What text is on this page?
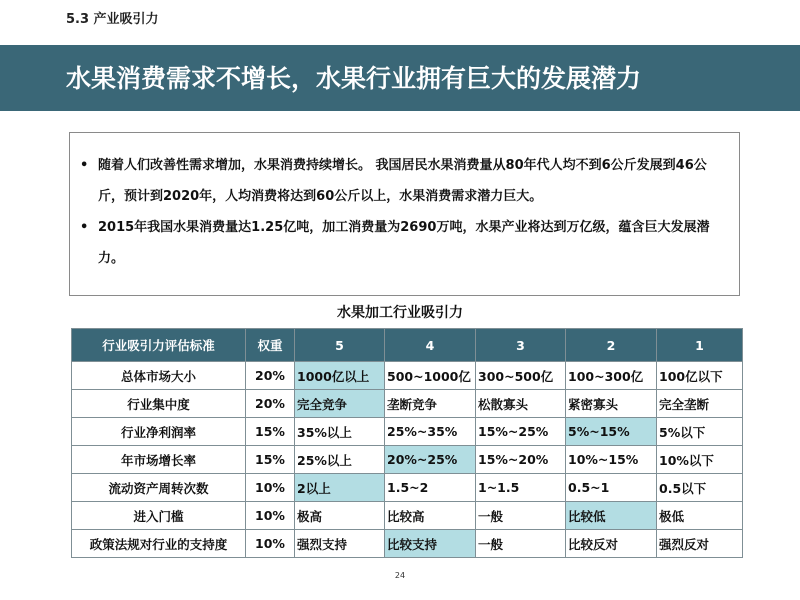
5.3 产业吸引力
水果消费需求不增长，水果行业拥有巨大的发展潜力
• 随着人们改善性需求增加，水果消费持续增长。 我国居民水果消费量从80年代人均不到6公斤发展到46公斤，预计到2020年，人均消费将达到60公斤以上，水果消费需求潜力巨大。
• 2015年我国水果消费量达1.25亿吨，加工消费量为2690万吨，水果产业将达到万亿级，蕴含巨大发展潜力。
水果加工行业吸引力
行业吸引力评估标准	权重	5	4	3	2	1
总体市场大小	20%	1000亿以上	500~1000亿	300~500亿	100~300亿	100亿以下
行业集中度	20%	完全竞争	垄断竞争	松散寡头	紧密寡头	完全垄断
行业净利润率	15%	35%以上	25%~35%	15%~25%	5%~15%	5%以下
年市场增长率	15%	25%以上	20%~25%	15%~20%	10%~15%	10%以下
流动资产周转次数	10%	2以上	1.5~2	1~1.5	0.5~1	0.5以下
进入门槛	10%	极高	比较高	一般	比较低	极低
政策法规对行业的支持度	10%	强烈支持	比较支持	一般	比较反对	强烈反对
24
